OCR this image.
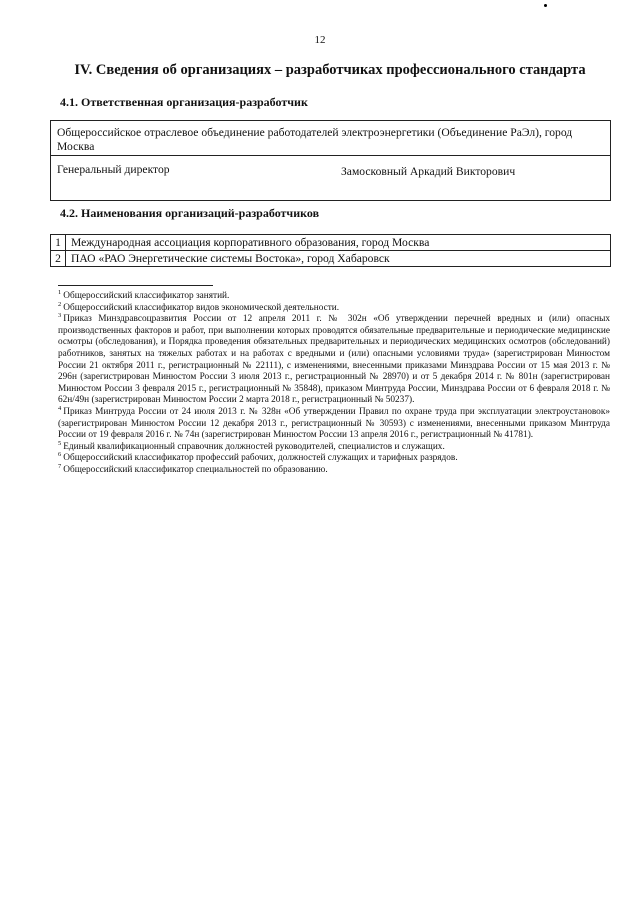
12
IV. Сведения об организациях – разработчиках профессионального стандарта
4.1. Ответственная организация-разработчик
Общероссийское отраслевое объединение работодателей электроэнергетики (Объединение РаЭл), город Москва
Генеральный директор	Замосковный Аркадий Викторович
4.2. Наименования организаций-разработчиков
1	Международная ассоциация корпоративного образования, город Москва
2	ПАО «РАО Энергетические системы Востока», город Хабаровск

$^1$ Общероссийский классификатор занятий.

$^2$ Общероссийский классификатор видов экономической деятельности.

$^3$ Приказ Минздравсоцразвития России от 12 апреля 2011 г. № 302н «Об утверждении перечней вредных и (или) опасных производственных факторов и работ, при выполнении которых проводятся обязательные предварительные и периодические медицинские осмотры (обследования), и Порядка проведения обязательных предварительных и периодических медицинских осмотров (обследований) работников, занятых на тяжелых работах и на работах с вредными и (или) опасными условиями труда» (зарегистрирован Минюстом России 21 октября 2011 г., регистрационный № 22111), с изменениями, внесенными приказами Минздрава России от 15 мая 2013 г. № 296н (зарегистрирован Минюстом России 3 июля 2013 г., регистрационный № 28970) и от 5 декабря 2014 г. № 801н (зарегистрирован Минюстом России 3 февраля 2015 г., регистрационный № 35848), приказом Минтруда России, Минздрава России от 6 февраля 2018 г. № 62н/49н (зарегистрирован Минюстом России 2 марта 2018 г., регистрационный № 50237).

$^4$ Приказ Минтруда России от 24 июля 2013 г. № 328н «Об утверждении Правил по охране труда при эксплуатации электроустановок» (зарегистрирован Минюстом России 12 декабря 2013 г., регистрационный № 30593) с изменениями, внесенными приказом Минтруда России от 19 февраля 2016 г. № 74н (зарегистрирован Минюстом России 13 апреля 2016 г., регистрационный № 41781).

$^5$ Единый квалификационный справочник должностей руководителей, специалистов и служащих.

$^6$ Общероссийский классификатор профессий рабочих, должностей служащих и тарифных разрядов.

$^7$ Общероссийский классификатор специальностей по образованию.
